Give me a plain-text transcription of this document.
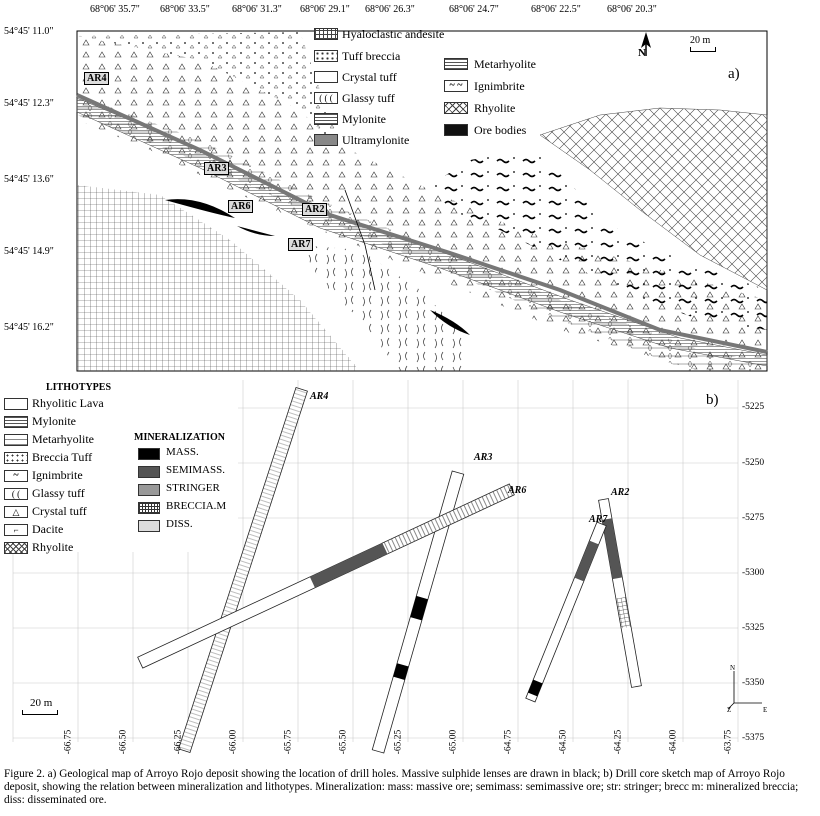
68°06' 35.7" 68°06' 33.5" 68°06' 31.3" 68°06' 29.1" 68°06' 26.3"	68°06' 24.7"	68°06' 22.5"	68°06' 20.3"
54°45' 11.0"
54°45' 12.3"
54°45' 13.6"
54°45' 14.9"
54°45' 16.2"
Hyaloclastic andesite
Tuff breccia
Crystal tuff
( ( ( Glassy tuff
Mylonite
Ultramylonite
Metarhyolite
~ ~ Ignimbrite
Rhyolite
Ore bodies
N
20 m
a)
AR4
AR3
AR6	AR2
AR7
-5225
-5250
-5275
-5300
-5325
-5350
-5375
-66.75	-66.50	-66.25	-66.00	-65.75	-65.50	-65.25	-65.00	-64.75	-64.50	-64.25	-64.00	-63.75
AR4
AR3
AR6	AR2
AR7
b)
LITHOTYPES
Rhyolitic Lava
Mylonite
Metarhyolite
Breccia Tuff
~	Ignimbrite
( ( Glassy tuff
△	Crystal tuff
⌐	Dacite
Rhyolite
MINERALIZATION
MASS.
SEMIMASS.
STRINGER
BRECCIA.M
DISS.
20 m
N
E
Z
Figure 2. a) Geological map of Arroyo Rojo deposit showing the location of drill holes. Massive sulphide lenses are drawn in black; b) Drill core sketch map of Arroyo Rojo deposit, showing the relation between mineralization and lithotypes. Mineralization: mass: massive ore; semimass: semimassive ore; str: stringer; brecc m: mineralized breccia; diss: disseminated ore.
